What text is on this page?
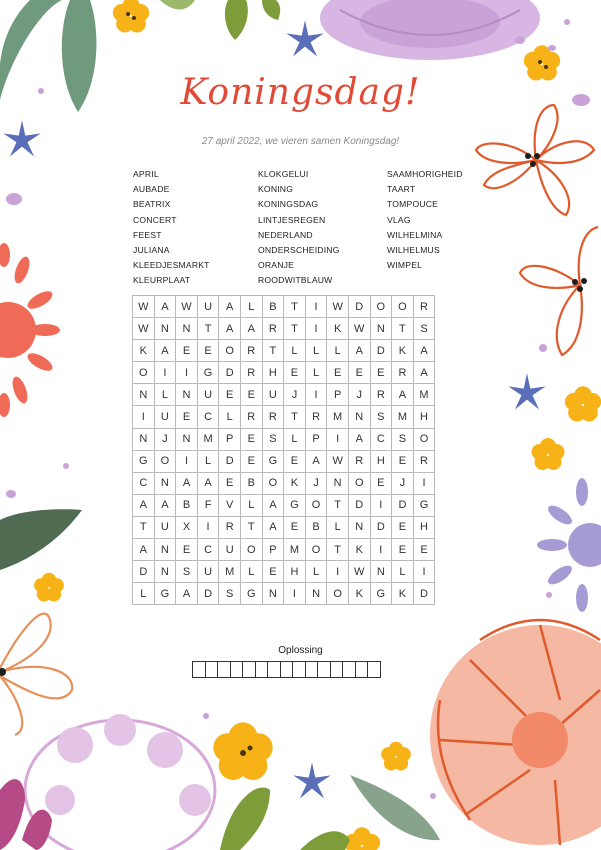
Koningsdag!
27 april 2022, we vieren samen Koningsdag!
APRIL
AUBADE
BEATRIX
CONCERT
FEEST
JULIANA
KLEEDJESMARKT
KLEURPLAAT
KLOKGELUI
KONING
KONINGSDAG
LINTJESREGEN
NEDERLAND
ONDERSCHEIDING
ORANJE
ROODWITBLAUW
SAAMHORIGHEID
TAART
TOMPOUCE
VLAG
WILHELMINA
WILHELMUS
WIMPEL
W	A	W	U	A	L	B	T	I	W	D	O	O	R
W	N	N	T	A	A	R	T	I	K	W	N	T	S
K	A	E	E	O	R	T	L	L	L	A	D	K	A
O	I	I	G	D	R	H	E	L	E	E	E	R	A
N	L	N	U	E	E	U	J	I	P	J	R	A	M
I	U	E	C	L	R	R	T	R	M	N	S	M	H
N	J	N	M	P	E	S	L	P	I	A	C	S	O
G	O	I	L	D	E	G	E	A	W	R	H	E	R
C	N	A	A	E	B	O	K	J	N	O	E	J	I
A	A	B	F	V	L	A	G	O	T	D	I	D	G
T	U	X	I	R	T	A	E	B	L	N	D	E	H
A	N	E	C	U	O	P	M	O	T	K	I	E	E
D	N	S	U	M	L	E	H	L	I	W	N	L	I
L	G	A	D	S	G	N	I	N	O	K	G	K	D
Oplossing
